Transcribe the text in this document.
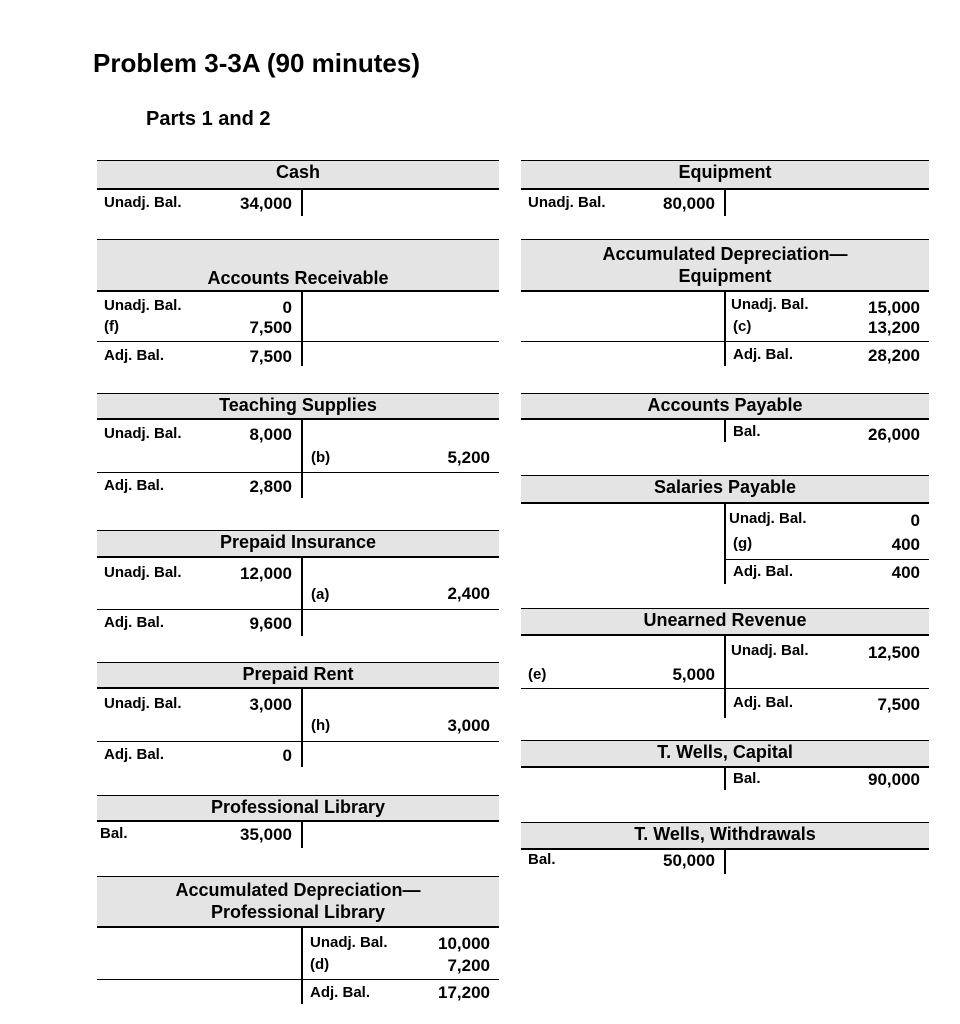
Problem 3-3A (90 minutes)
Parts 1 and 2
Cash
Unadj. Bal.	34,000
Accounts Receivable
Unadj. Bal.	0
(f)	7,500
Adj. Bal.	7,500
Teaching Supplies
Unadj. Bal.	8,000
(b)	5,200
Adj. Bal.	2,800
Prepaid Insurance
Unadj. Bal.	12,000
(a)	2,400
Adj. Bal.	9,600
Prepaid Rent
Unadj. Bal.	3,000
(h)	3,000
Adj. Bal.	0
Professional Library
Bal.	35,000
Accumulated Depreciation—
Professional Library
Unadj. Bal.	10,000
(d)	7,200
Adj. Bal.	17,200
Equipment
Unadj. Bal.	80,000
Accumulated Depreciation—
Equipment
Unadj. Bal.	15,000
(c)	13,200
Adj. Bal.	28,200
Accounts Payable
Bal.	26,000
Salaries Payable
Unadj. Bal.	0
(g)	400
Adj. Bal.	400
Unearned Revenue
Unadj. Bal.	12,500
(e)	5,000
Adj. Bal.	7,500
T. Wells, Capital
Bal.	90,000
T. Wells, Withdrawals
Bal.	50,000
